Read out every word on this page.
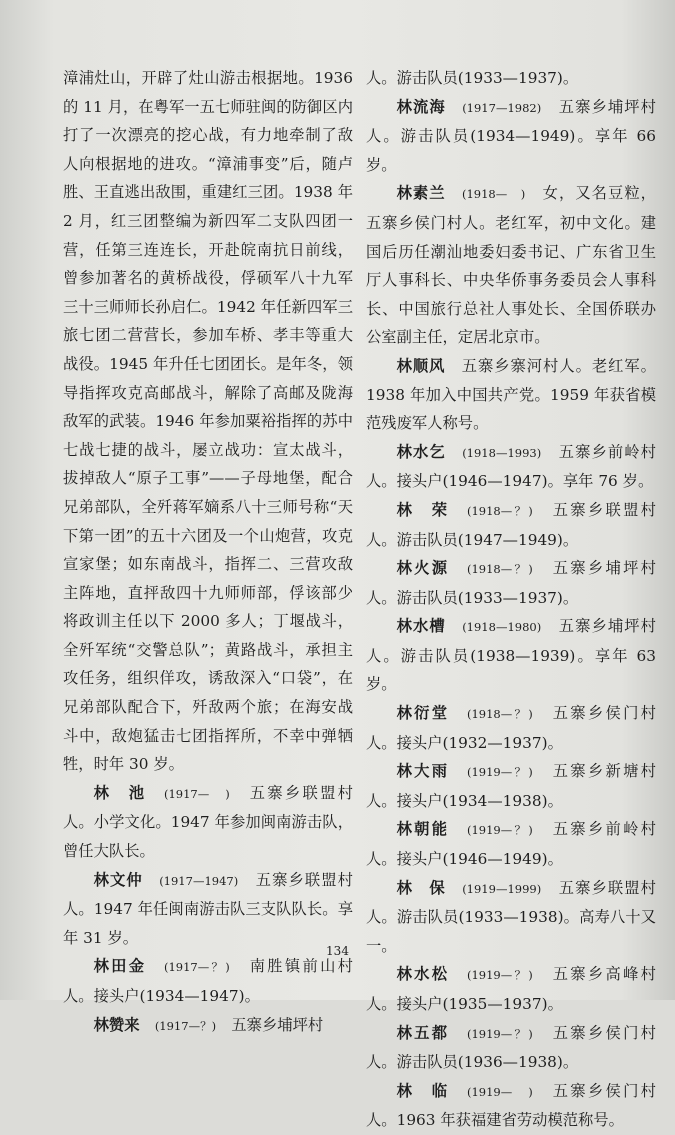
漳浦灶山，开辟了灶山游击根据地。1936 的 11 月，在粤军一五七师驻闽的防御区内打了一次漂亮的挖心战，有力地牵制了敌人向根据地的进攻。“漳浦事变”后，随卢胜、王直逃出敌围，重建红三团。1938 年 2 月，红三团整编为新四军二支队四团一营，任第三连连长，开赴皖南抗日前线，曾参加著名的黄桥战役，俘硕军八十九军三十三师师长孙启仁。1942 年任新四军三旅七团二营营长，参加车桥、孝丰等重大战役。1945 年升任七团团长。是年冬，领导指挥攻克高邮战斗，解除了高邮及陇海敌军的武装。1946 年参加粟裕指挥的苏中七战七捷的战斗，屡立战功：宣太战斗，拔掉敌人“原子工事”——子母地堡，配合兄弟部队，全歼蒋军嫡系八十三师号称“天下第一团”的五十六团及一个山炮营，攻克宣家堡；如东南战斗，指挥二、三营攻敌主阵地，直抨敌四十九师师部，俘该部少将政训主任以下 2000 多人；丁堰战斗，全歼军统“交警总队”；黄路战斗，承担主攻任务，组织佯攻，诱敌深入“口袋”，在兄弟部队配合下，歼敌两个旅；在海安战斗中，敌炮猛击七团指挥所，不幸中弹牺牲，时年 30 岁。

林　池　 (1917—　)　 五寨乡联盟村人。小学文化。1947 年参加闽南游击队，曾任大队长。

林文仲　 (1917—1947)　 五寨乡联盟村人。1947 年任闽南游击队三支队队长。享年 31 岁。

林田金　 (1917—？)　 南胜镇前山村人。接头户(1934—1947)。

林赞来　 (1917—？)　 五寨乡埔坪村

人。游击队员(1933—1937)。

林流海　 (1917—1982)　 五寨乡埔坪村人。游击队员(1934—1949)。享年 66 岁。

林素兰　 (1918—　)　 女，又名豆粒，五寨乡侯门村人。老红军，初中文化。建国后历任潮汕地委妇委书记、广东省卫生厅人事科长、中央华侨事务委员会人事科长、中国旅行总社人事处长、全国侨联办公室副主任，定居北京市。

林顺风　 五寨乡寨河村人。老红军。1938 年加入中国共产党。1959 年获省模范残废军人称号。

林水乞　 (1918—1993)　 五寨乡前岭村人。接头户(1946—1947)。享年 76 岁。

林　荣　 (1918—？)　 五寨乡联盟村人。游击队员(1947—1949)。

林火源　 (1918—？)　 五寨乡埔坪村人。游击队员(1933—1937)。

林水槽　 (1918—1980)　 五寨乡埔坪村人。游击队员(1938—1939)。享年 63 岁。

林衍堂　 (1918—？)　 五寨乡侯门村人。接头户(1932—1937)。

林大雨　 (1919—？)　 五寨乡新塘村人。接头户(1934—1938)。

林朝能　 (1919—？)　 五寨乡前岭村人。接头户(1946—1949)。

林　保　 (1919—1999)　 五寨乡联盟村人。游击队员(1933—1938)。高寿八十又一。

林水松　 (1919—？)　 五寨乡高峰村人。接头户(1935—1937)。

林五都　 (1919—？)　 五寨乡侯门村人。游击队员(1936—1938)。

林　临　 (1919—　)　 五寨乡侯门村人。1963 年获福建省劳动模范称号。

134
